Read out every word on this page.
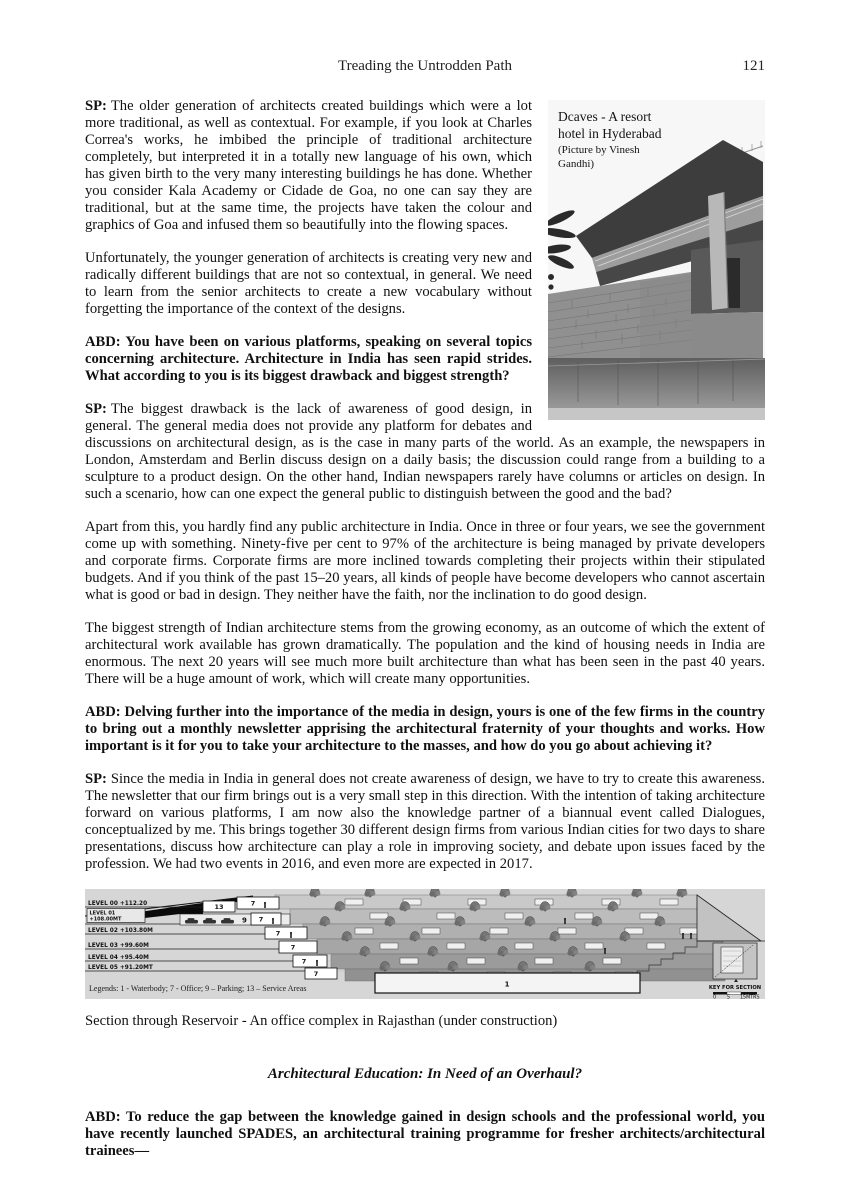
Treading the Untrodden Path	121
Dcaves - A resort
hotel in Hyderabad
(Picture by Vinesh
Gandhi)

SP: The older generation of architects created buildings which were a lot more traditional, as well as contextual. For example, if you look at Charles Correa's works, he imbibed the principle of traditional architecture completely, but interpreted it in a totally new language of his own, which has given birth to the very many interesting buildings he has done. Whether you consider Kala Academy or Cidade de Goa, no one can say they are traditional, but at the same time, the projects have taken the colour and graphics of Goa and infused them so beautifully into the flowing spaces.

Unfortunately, the younger generation of architects is creating very new and radically different buildings that are not so contextual, in general. We need to learn from the senior architects to create a new vocabulary without forgetting the importance of the context of the designs.

ABD: You have been on various platforms, speaking on several topics concerning architecture. Architecture in India has seen rapid strides. What according to you is its biggest drawback and biggest strength?

SP: The biggest drawback is the lack of awareness of good design, in general. The general media does not provide any platform for debates and discussions on architectural design, as is the case in many parts of the world. As an example, the newspapers in London, Amsterdam and Berlin discuss design on a daily basis; the discussion could range from a building to a sculpture to a product design. On the other hand, Indian newspapers rarely have columns or articles on design. In such a scenario, how can one expect the general public to distinguish between the good and the bad?

Apart from this, you hardly find any public architecture in India. Once in three or four years, we see the government come up with something. Ninety-five per cent to 97% of the architecture is being managed by private developers and corporate firms. Corporate firms are more inclined towards completing their projects within their stipulated budgets. And if you think of the past 15–20 years, all kinds of people have become developers who cannot ascertain what is good or bad in design. They neither have the faith, nor the inclination to do good design.

The biggest strength of Indian architecture stems from the growing economy, as an outcome of which the extent of architectural work available has grown dramatically. The population and the kind of housing needs in India are enormous. The next 20 years will see much more built architecture than what has been seen in the past 40 years. There will be a huge amount of work, which will create many opportunities.

ABD: Delving further into the importance of the media in design, yours is one of the few firms in the country to bring out a monthly newsletter apprising the architectural fraternity of your thoughts and works. How important is it for you to take your architecture to the masses, and how do you go about achieving it?

SP: Since the media in India in general does not create awareness of design, we have to try to create this awareness. The newsletter that our firm brings out is a very small step in this direction. With the intention of taking architecture forward on various platforms, I am now also the knowledge partner of a biannual event called Dialogues, conceptualized by me. This brings together 30 different design firms from various Indian cities for two days to share presentations, discuss how architecture can play a role in improving society, and debate upon issues faced by the profession. We had two events in 2016, and even more are expected in 2017.

9
LEVEL 00 +112.20
LEVEL 01
+108.00MT
LEVEL 02 +103.80M
LEVEL 03 +99.60M
LEVEL 04 +95.40M
LEVEL 05 +91.20MT
13	7
7
7
7
7
7
1
Legends: 1 - Waterbody; 7 - Office; 9 – Parking; 13 – Service Areas	KEY FOR SECTION
0 5 15MTRS

Section through Reservoir - An office complex in Rajasthan (under construction)

Architectural Education: In Need of an Overhaul?

ABD: To reduce the gap between the knowledge gained in design schools and the professional world, you have recently launched SPADES, an architectural training programme for fresher architects/architectural trainees—
